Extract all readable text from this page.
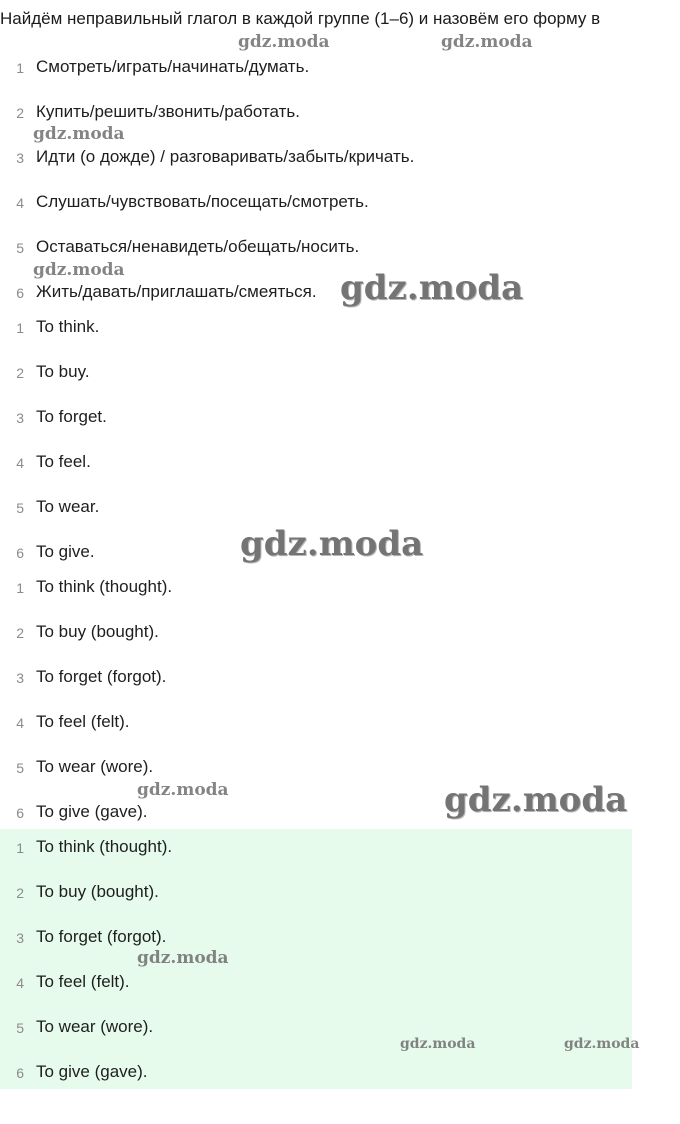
Найдём неправильный глагол в каждой группе (1–6) и назовём его форму в

1 Смотреть/играть/начинать/думать.
2 Купить/решить/звонить/работать.
3 Идти (о дожде) / разговаривать/забыть/кричать.
4 Слушать/чувствовать/посещать/смотреть.
5 Оставаться/ненавидеть/обещать/носить.
6 Жить/давать/приглашать/смеяться.
1 To think.
2 To buy.
3 To forget.
4 To feel.
5 To wear.
6 To give.
1 To think (thought).
2 To buy (bought).
3 To forget (forgot).
4 To feel (felt).
5 To wear (wore).
6 To give (gave).
1 To think (thought).
2 To buy (bought).
3 To forget (forgot).
4 To feel (felt).
5 To wear (wore).
6 To give (gave).
gdz.moda	gdz.moda
gdz.moda
gdz.moda	gdz.moda
gdz.moda
gdz.moda	gdz.moda
gdz.moda
gdz.moda	gdz.moda
